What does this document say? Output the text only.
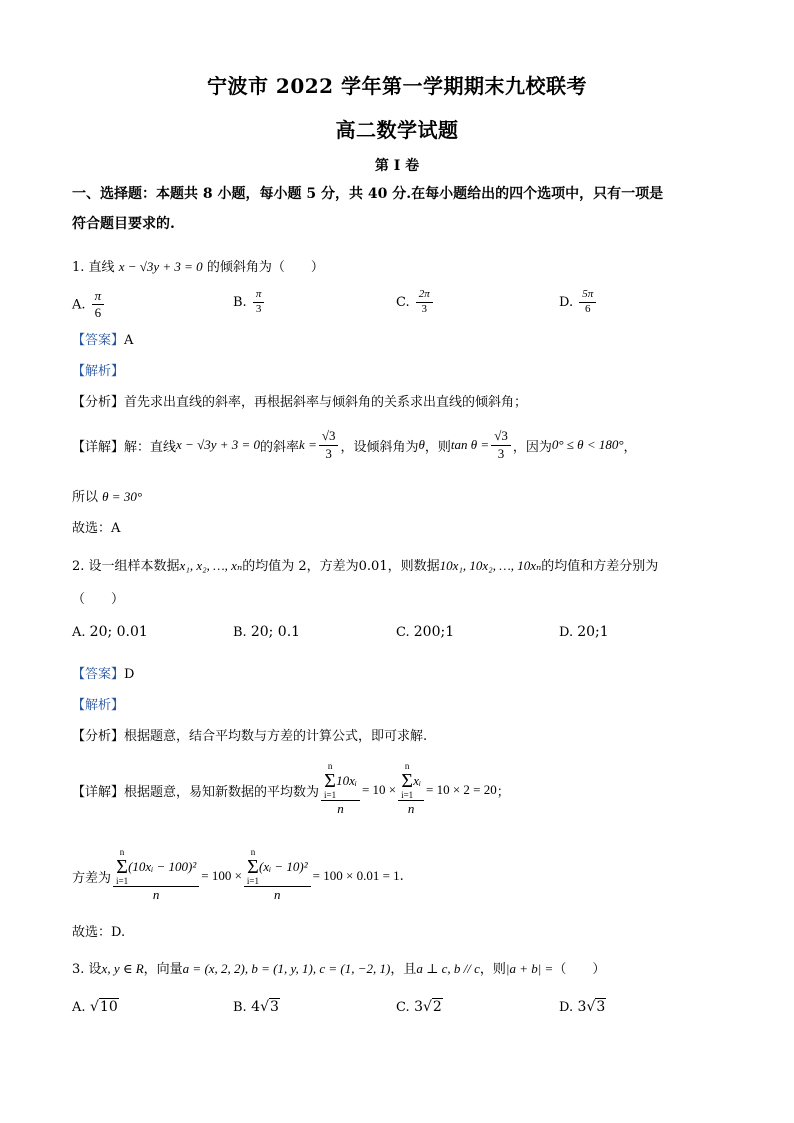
宁波市 2022 学年第一学期期末九校联考
高二数学试题
第 I 卷
一、选择题：本题共 8 小题，每小题 5 分，共 40 分.在每小题给出的四个选项中，只有一项是
符合题目要求的.
1. 直线 x − √3y + 3 = 0 的倾斜角为（　　）
A. $\frac{\pi}{6}$	B. $\frac{\pi}{3}$	C. $\frac{2\pi}{3}$	D. $\frac{5\pi}{6}$
【答案】A
【解析】
【分析】首先求出直线的斜率，再根据斜率与倾斜角的关系求出直线的倾斜角；
【详解】 解：直线 x − √3y + 3 = 0 的斜率 $k = \frac{√3}{3}$ ，设倾斜角为 θ ，则 $\tan \theta = \frac{√3}{3}$ ，因为 0° ≤ θ < 180° ，
所以 θ = 30°
故选：A
2. 设一组样本数据x₁, x₂, …, xₙ的均值为 2，方差为0.01，则数据10x₁, 10x₂, …, 10xₙ的均值和方差分别为
（　　）
A. 20; 0.01	B. 20; 0.1	C. 200;1	D. 20;1
【答案】D
【解析】
【分析】根据题意，结合平均数与方差的计算公式，即可求解.
【详解】 根据题意，易知新数据的平均数为 n
Σ
i=1
10xᵢ
n = 10 × n
Σ
i=1
xᵢ
n = 10 × 2 = 20 ；
方差为 n
Σ
i=1
(10xᵢ − 100)²
n = 100 × n
Σ
i=1
(xᵢ − 10)²
n = 100 × 0.01 = 1 .
故选：D.
3. 设x, y ∈ R，向量a = (x, 2, 2), b = (1, y, 1), c = (1, −2, 1)，且a ⊥ c, b // c，则|a + b| =（　　）
A. √10	B. 4√3	C. 3√2	D. 3√3
